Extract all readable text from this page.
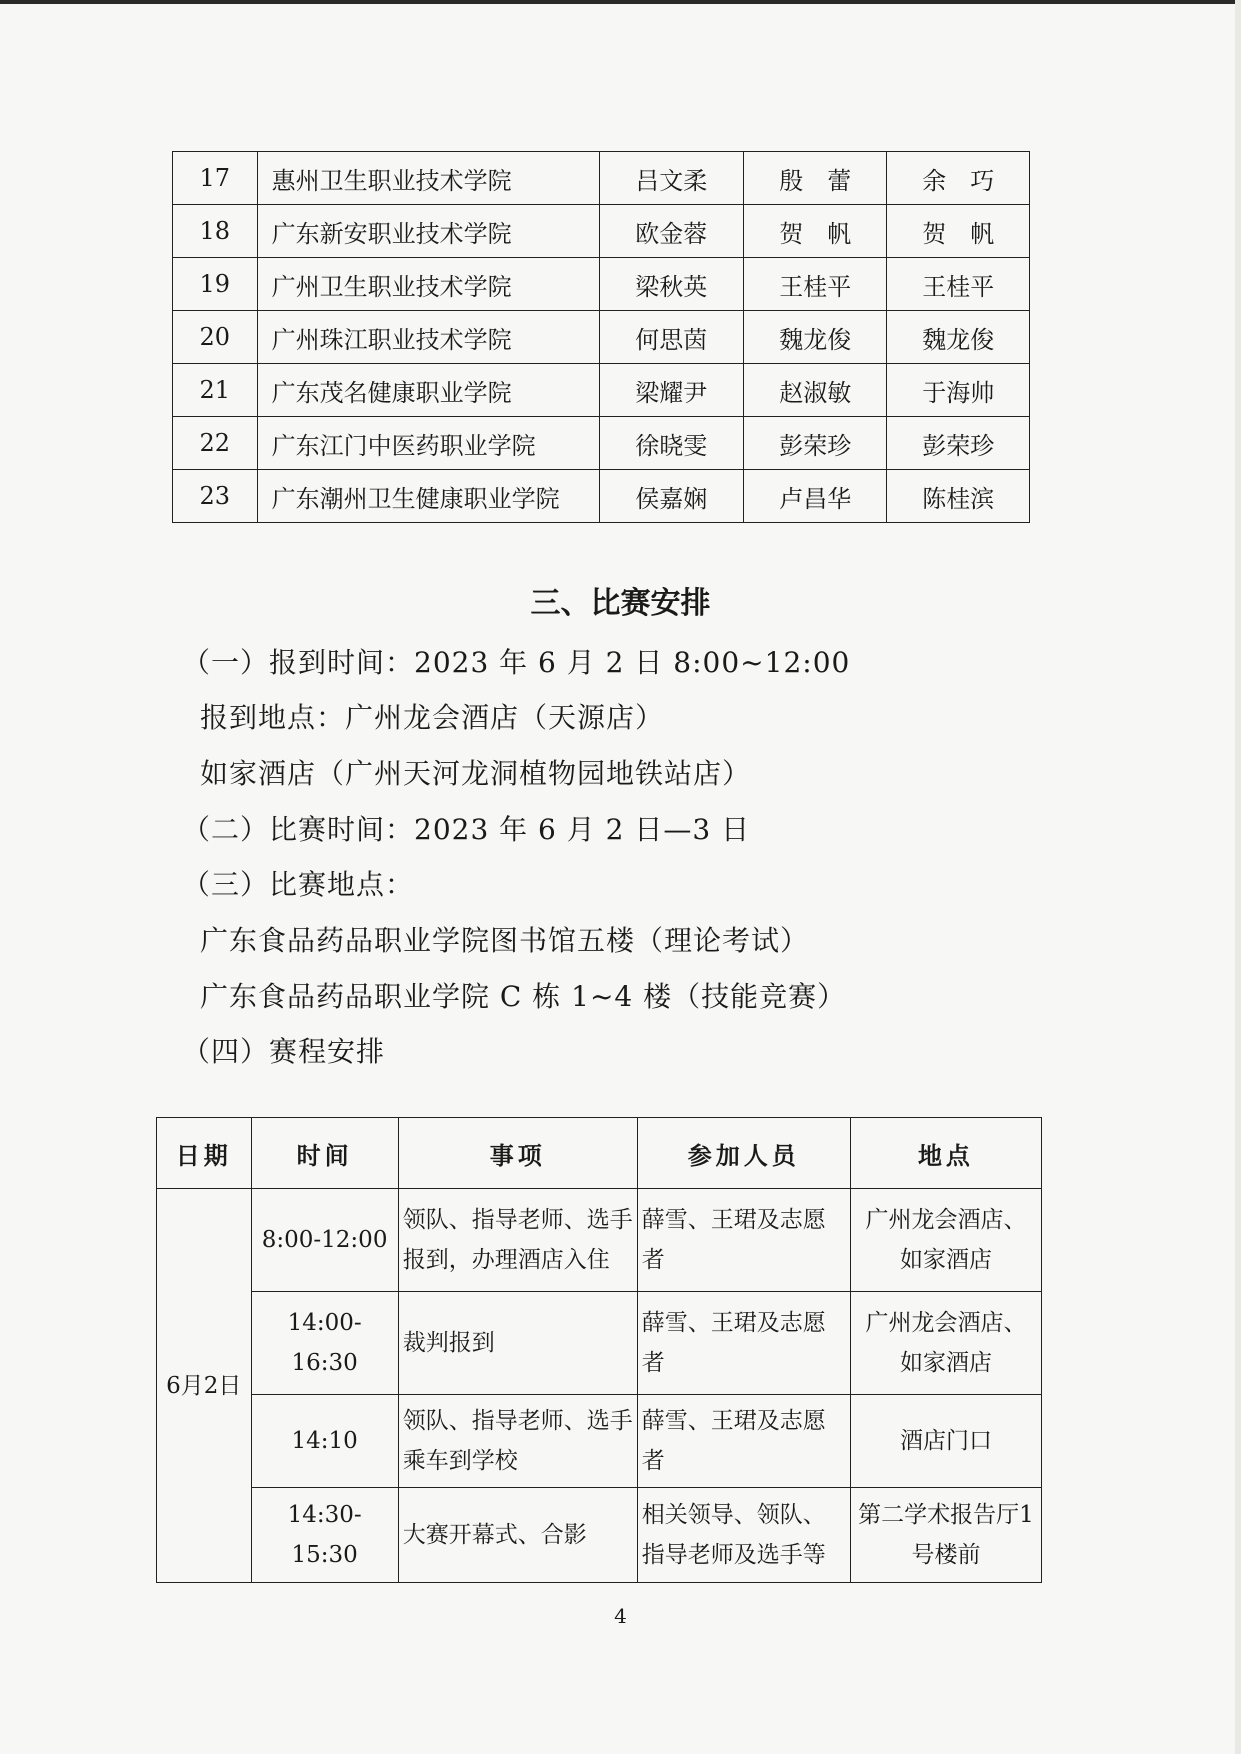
17	惠州卫生职业技术学院	吕文柔	殷　蕾	余　巧
18	广东新安职业技术学院	欧金蓉	贺　帆	贺　帆
19	广州卫生职业技术学院	梁秋英	王桂平	王桂平
20	广州珠江职业技术学院	何思茵	魏龙俊	魏龙俊
21	广东茂名健康职业学院	梁耀尹	赵淑敏	于海帅
22	广东江门中医药职业学院	徐晓雯	彭荣珍	彭荣珍
23	广东潮州卫生健康职业学院	侯嘉娴	卢昌华	陈桂滨
三、比赛安排
（一）报到时间：2023 年 6 月 2 日 8:00~12:00
报到地点：广州龙会酒店（天源店）
如家酒店（广州天河龙洞植物园地铁站店）
（二）比赛时间：2023 年 6 月 2 日—3 日
（三）比赛地点：
广东食品药品职业学院图书馆五楼（理论考试）
广东食品药品职业学院 C 栋 1~4 楼（技能竞赛）
（四）赛程安排
日期	时间	事项	参加人员	地点
6月2日	8:00-12:00	领队、指导老师、选手报到，办理酒店入住	薛雪、王珺及志愿者	广州龙会酒店、如家酒店
	14:00-16:30	裁判报到	薛雪、王珺及志愿者	广州龙会酒店、如家酒店
	14:10	领队、指导老师、选手乘车到学校	薛雪、王珺及志愿者	酒店门口
	14:30-15:30	大赛开幕式、合影	相关领导、领队、指导老师及选手等	第二学术报告厅1号楼前
4
